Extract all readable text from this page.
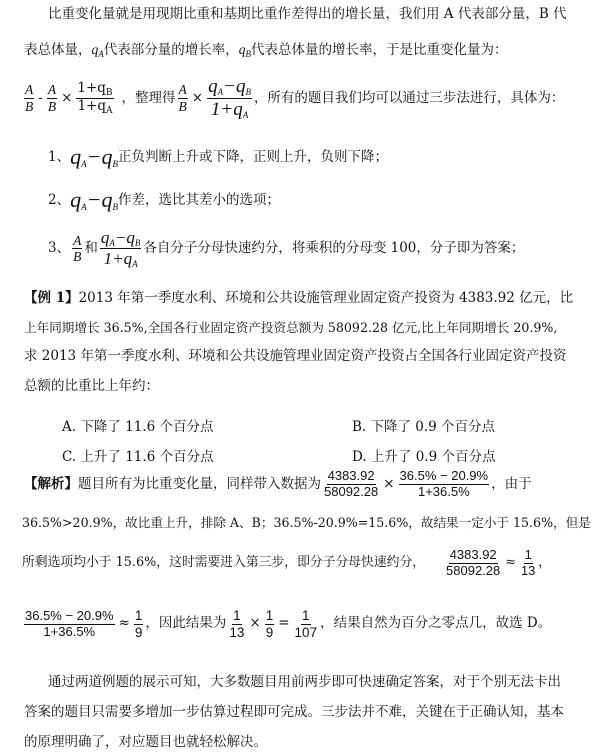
比重变化量就是用现期比重和基期比重作差得出的增长量，我们用 A 代表部分量，B 代
表总体量，$q_A$代表部分量的增长率，$q_B$代表总体量的增长率，于是比重变化量为：
$\frac{A}{B} - \frac{A}{B} \times \frac{1+q_B}{1+q_A}$ ，整理得 $\frac{A}{B} \times \frac{q_A-q_B}{1+q_A}$ ，所有的题目我们均可以通过三步法进行，具体为：
1、 $q_A-q_B$ 正负判断上升或下降，正则上升，负则下降；
2、 $q_A-q_B$ 作差，选比其差小的选项；
3、 $\frac{A}{B}$ 和 $\frac{q_A-q_B}{1+q_A}$ 各自分子分母快速约分，将乘积的分母变 100，分子即为答案；
【例 1】2013 年第一季度水利、环境和公共设施管理业固定资产投资为 4383.92 亿元，比
上年同期增长 36.5%,全国各行业固定资产投资总额为 58092.28 亿元,比上年同期增长 20.9%,
求 2013 年第一季度水利、环境和公共设施管理业固定资产投资占全国各行业固定资产投资
总额的比重比上年约：
A. 下降了 11.6 个百分点	B. 下降了 0.9 个百分点
C. 上升了 11.6 个百分点	D. 上升了 0.9 个百分点
【解析】 题目所有为比重变化量，同样带入数据为 $\frac{4383.92}{58092.28} \times \frac{36.5\% - 20.9\%}{1+36.5\%}$ ，由于
36.5%>20.9%，故比重上升，排除 A、B；36.5%-20.9%=15.6%，故结果一定小于 15.6%，但是
所剩选项均小于 15.6%，这时需要进入第三步，即分子分母快速约分， $\frac{4383.92}{58092.28} \approx \frac{1}{13}$ ，
$\frac{36.5\% - 20.9\%}{1+36.5\%} \approx \frac{1}{9}$ ，因此结果为 $\frac{1}{13} \times \frac{1}{9} = \frac{1}{107}$ ，结果自然为百分之零点几，故选 D。
通过两道例题的展示可知，大多数题目用前两步即可快速确定答案，对于个别无法卡出
答案的题目只需要多增加一步估算过程即可完成。三步法并不难，关键在于正确认知，基本
的原理明确了，对应题目也就轻松解决。
